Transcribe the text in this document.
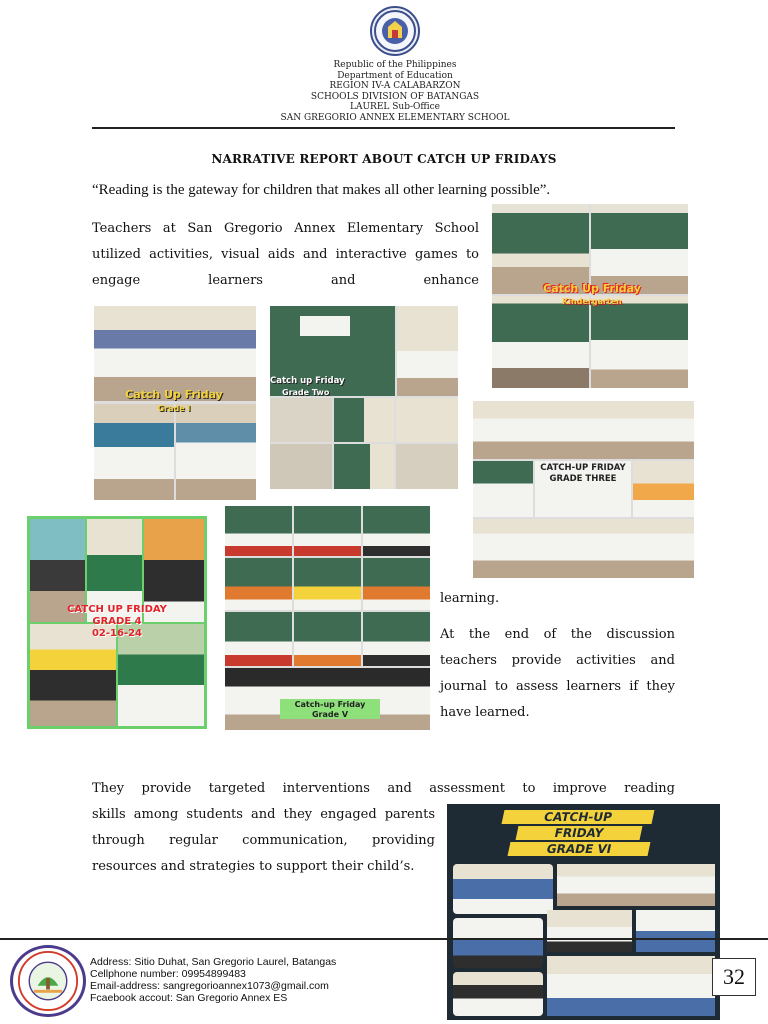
Republic of the Philippines
Department of Education
REGION IV-A CALABARZON
SCHOOLS DIVISION OF BATANGAS
LAUREL Sub-Office
SAN GREGORIO ANNEX ELEMENTARY SCHOOL
NARRATIVE REPORT ABOUT CATCH UP FRIDAYS
“Reading is the gateway for children that makes all other learning possible”.
Teachers at San Gregorio Annex Elementary School utilized activities, visual aids and interactive games to engage learners and enhance
Catch Up Friday
Kindergarten
Catch Up Friday
Grade I
Catch up Friday
Grade Two
CATCH-UP FRIDAY
GRADE THREE
CATCH UP FRIDAY
GRADE 4
02-16-24
Catch-up Friday
Grade V
learning.
At the end of the discussion teachers provide activities and journal to assess learners if they have learned.
They provide targeted interventions and assessment to improve reading
skills among students and they engaged parents through regular communication, providing resources and strategies to support their child’s.
CATCH-UP
FRIDAY
GRADE VI
Address: Sitio Duhat, San Gregorio Laurel, Batangas
Cellphone number: 09954899483
Email-address: sangregorioannex1073@gmail.com
Fcaebook accout: San Gregorio Annex ES
32
